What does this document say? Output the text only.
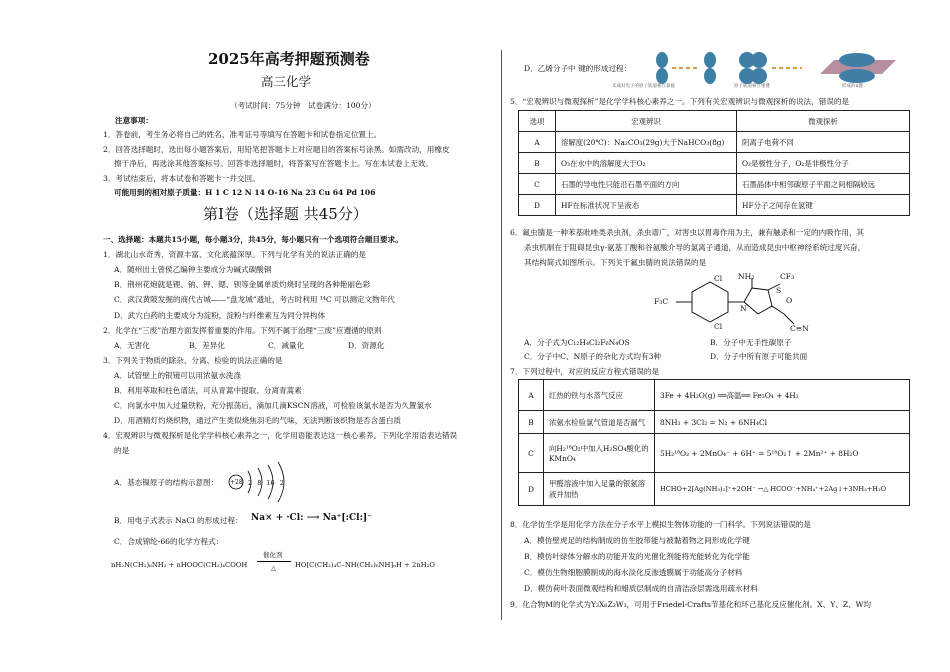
2025年高考押题预测卷
高三化学
（考试时间：75分钟　试卷满分：100分）
注意事项：
1．答卷前，考生务必将自己的姓名、准考证号等填写在答题卡和试卷指定位置上。
2．回答选择题时，选出每小题答案后，用铅笔把答题卡上对应题目的答案标号涂黑。如需改动，用橡皮
擦干净后，再选涂其他答案标号。回答非选择题时，将答案写在答题卡上。写在本试卷上无效。
3．考试结束后，将本试卷和答题卡一并交回。
可能用到的相对原子质量：H 1 C 12 N 14 O-16 Na 23 Cu 64 Pd 106
第Ⅰ卷（选择题 共45分）
一、选择题：本题共15小题，每小题3分，共45分，每小题只有一个选项符合题目要求。
1．湖北山水奇秀、资源丰富、文化底蕴深厚。下列与化学有关的说法正确的是
A．随州出土曾侯乙编钟主要成分为碱式碳酸铜
B．荆州花炮就是锂、钠、钾、锶、钡等金属单质灼烧时呈现的各种艳丽色彩
C．武汉黄陂发掘的商代古城——“盘龙城”遗址，考古时利用 ¹⁴C 可以测定文物年代
D．武穴白药的主要成分为淀粉，淀粉与纤维素互为同分异构体
2．化学在“三废”治理方面发挥着重要的作用。下列不属于治理“三废”应遵循的原则
A．无害化	B．差异化	C．减量化	D．资源化
3．下列关于物质的除杂、分离、检验的说法正确的是
A．试管壁上的银镜可以用浓氨水洗涤
B．利用萃取和柱色谱法，可从青蒿中提取、分离青蒿素
C．向氯水中加入过量铁粉，充分振荡后，滴加几滴KSCN溶液，可检验该氯水是否为久置氯水
D．用酒精灯灼烧织物，通过产生类似烧焦羽毛的气味，无法判断该织物是否含蛋白质
4．宏观辨识与微观探析是化学学科核心素养之一，化学用语能表达这一核心素养。下列化学用语表达错误
的是
A．基态镍原子的结构示意图： +28 2 8 16 2
B．用电子式表示 NaCl 的形成过程： Na× + ·Cl: ⟶ Na⁺[:Cl:]⁻
C．合成锦纶-66的化学方程式：
nH₂N(CH₂)₆NH₂ + nHOOC(CH₂)₄COOH
催化剂
△	HO[C(CH₂)₄C–NH(CH₂)₆NH]ₙH + 2nH₂O
D．乙烯分子中 键的形成过程：
未成对电子的原子轨道相互靠拢	原子轨道相互重叠	形成的π键
5．“宏观辨识与微观探析”是化学学科核心素养之一。下列有关宏观辨识与微观探析的说法，错误的是
选项	宏观辨识	微观探析
A	溶解度(20℃)：Na₂CO₃(29g)大于NaHCO₃(8g)	阴离子电荷不同
B	O₃在水中的溶解度大于O₂	O₃是极性分子，O₂是非极性分子
C	石墨的导电性只能沿石墨平面的方向	石墨晶体中相邻碳原子平面之间相隔较远
D	HF在标准状况下呈液态	HF分子之间存在氢键
6．氟虫腈是一种苯基吡唑类杀虫剂，杀虫谱广，对害虫以胃毒作用为主，兼有触杀和一定的内吸作用，其
杀虫机制在于阻碍昆虫γ-氨基丁酸和谷氨酸介导的氯离子通道，从而造成昆虫中枢神经系统过度兴奋，
其结构简式如图所示。下列关于氟虫腈的说法错误的是
NH₂	CF₃
Cl
F₃C
N
S
O
Cl	C≡N
A．分子式为C₁₂H₄Cl₂F₆N₄OS	B．分子中无手性碳原子
C．分子中C、N原子的杂化方式均有3种	D．分子中所有原子可能共面
7．下列过程中，对应的反应方程式错误的是
A	红热的铁与水蒸气反应	3Fe + 4H₂O(g) ══高温══ Fe₃O₄ + 4H₂
B	浓氨水检验氯气管道是否漏气	8NH₃ + 3Cl₂ = N₂ + 6NH₄Cl
C	向H₂¹⁸O₂中加入H₂SO₄酸化的KMnO₄	5H₂¹⁸O₂ + 2MnO₄⁻ + 6H⁺ = 5¹⁸O₂↑ + 2Mn²⁺ + 8H₂O
D	甲醛溶液中加入足量的银氨溶液并加热	HCHO+2[Ag(NH₃)₂]⁺+2OH⁻ →△ HCOO⁻+NH₄⁺+2Ag↓+3NH₃+H₂O
8．化学仿生学是用化学方法在分子水平上模拟生物体功能的一门科学。下列说法错误的是
A．模仿壁虎足的结构制成的仿生胶带能与被黏着物之间形成化学键
B．模仿叶绿体分解水的功能开发的光催化剂能将光能转化为化学能
C．模仿生物细胞膜制成的海水淡化反渗透膜属于功能高分子材料
D．模仿荷叶表面微观结构和蜡质层制成的自清洁涂层需选用疏水材料
9．化合物M的化学式为Y₃X₆Z₃W₃，可用于Friedel-Crafts节基化和环己基化反应催化剂。X、Y、Z、W均
